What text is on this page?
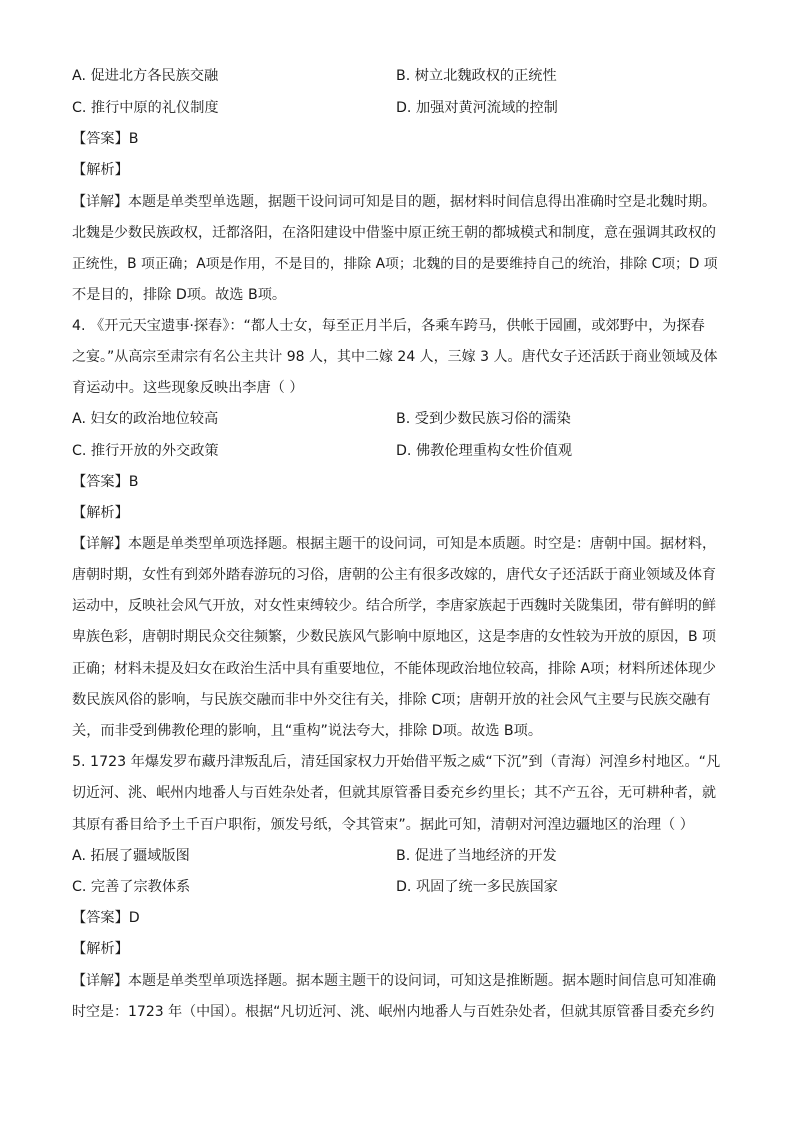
A. 促进北方各民族交融	B. 树立北魏政权的正统性
C. 推行中原的礼仪制度	D. 加强对黄河流域的控制
【答案】B
【解析】
【详解】本题是单类型单选题，据题干设问词可知是目的题，据材料时间信息得出准确时空是北魏时期。
北魏是少数民族政权，迁都洛阳，在洛阳建设中借鉴中原正统王朝的都城模式和制度，意在强调其政权的
正统性，B 项正确；A项是作用，不是目的，排除 A项；北魏的目的是要维持自己的统治，排除 C项；D 项
不是目的，排除 D项。故选 B项。
4. 《开元天宝遗事·探春》：“都人士女，每至正月半后，各乘车跨马，供帐于园圃，或郊野中，为探春
之宴。”从高宗至肃宗有名公主共计 98 人，其中二嫁 24 人，三嫁 3 人。唐代女子还活跃于商业领域及体
育运动中。这些现象反映出李唐（ ）
A. 妇女的政治地位较高	B. 受到少数民族习俗的濡染
C. 推行开放的外交政策	D. 佛教伦理重构女性价值观
【答案】B
【解析】
【详解】本题是单类型单项选择题。根据主题干的设问词，可知是本质题。时空是：唐朝中国。据材料，
唐朝时期，女性有到郊外踏春游玩的习俗，唐朝的公主有很多改嫁的，唐代女子还活跃于商业领域及体育
运动中，反映社会风气开放，对女性束缚较少。结合所学，李唐家族起于西魏时关陇集团，带有鲜明的鲜
卑族色彩，唐朝时期民众交往频繁，少数民族风气影响中原地区，这是李唐的女性较为开放的原因，B 项
正确；材料未提及妇女在政治生活中具有重要地位，不能体现政治地位较高，排除 A项；材料所述体现少
数民族风俗的影响，与民族交融而非中外交往有关，排除 C项；唐朝开放的社会风气主要与民族交融有
关，而非受到佛教伦理的影响，且“重构”说法夸大，排除 D项。故选 B项。
5. 1723 年爆发罗布藏丹津叛乱后，清廷国家权力开始借平叛之威“下沉”到（青海）河湟乡村地区。“凡
切近河、洮、岷州内地番人与百姓杂处者，但就其原管番目委充乡约里长；其不产五谷，无可耕种者，就
其原有番目给予土千百户职衔，颁发号纸，令其管束”。据此可知，清朝对河湟边疆地区的治理（ ）
A. 拓展了疆域版图	B. 促进了当地经济的开发
C. 完善了宗教体系	D. 巩固了统一多民族国家
【答案】D
【解析】
【详解】本题是单类型单项选择题。据本题主题干的设问词，可知这是推断题。据本题时间信息可知准确
时空是：1723 年（中国）。根据“凡切近河、洮、岷州内地番人与百姓杂处者，但就其原管番目委充乡约
